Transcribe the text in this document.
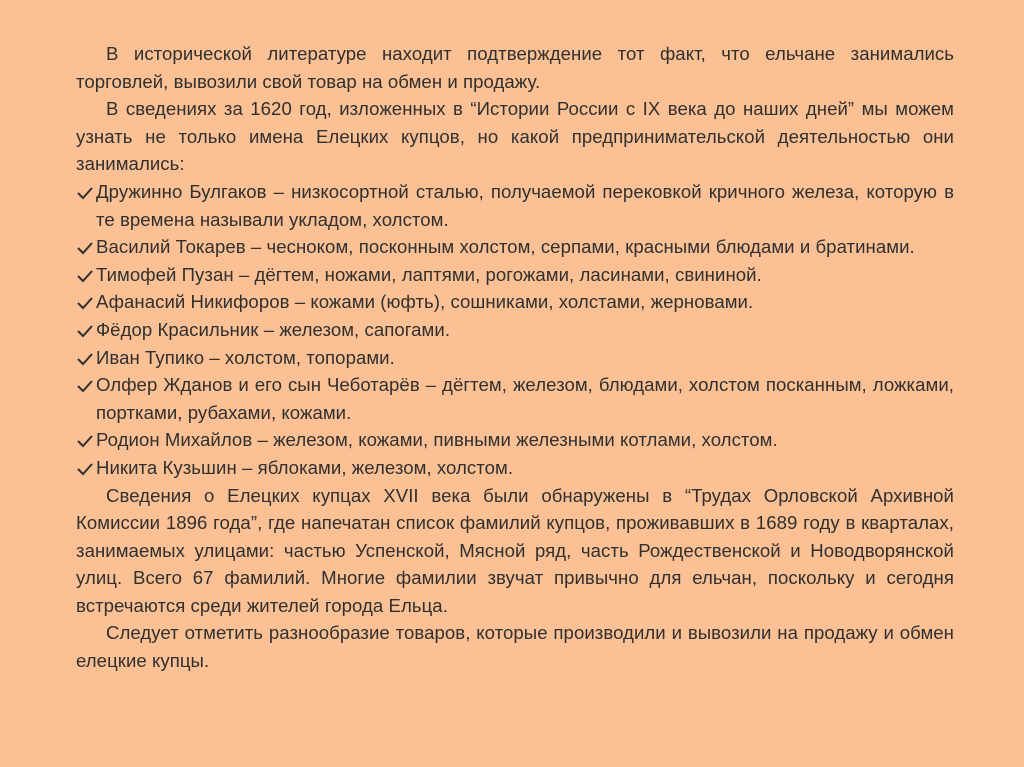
В исторической литературе находит подтверждение тот факт, что ельчане занимались торговлей, вывозили свой товар на обмен и продажу.

В сведениях за 1620 год, изложенных в “Истории России с IX века до наших дней” мы можем узнать не только имена Елецких купцов, но какой предпринимательской деятельностью они занимались:

Дружинно Булгаков – низкосортной сталью, получаемой перековкой кричного железа, которую в те времена называли укладом, холстом.
Василий Токарев – чесноком, посконным холстом, серпами, красными блюдами и братинами.
Тимофей Пузан – дёгтем, ножами, лаптями, рогожами, ласинами, свининой.
Афанасий Никифоров – кожами (юфть), сошниками, холстами, жерновами.
Фёдор Красильник – железом, сапогами.
Иван Тупико – холстом, топорами.
Олфер Жданов и его сын Чеботарёв – дёгтем, железом, блюдами, холстом посканным, ложками, портками, рубахами, кожами.
Родион Михайлов – железом, кожами, пивными железными котлами, холстом.
Никита Кузьшин – яблоками, железом, холстом.

Сведения о Елецких купцах XVII века были обнаружены в “Трудах Орловской Архивной Комиссии 1896 года”, где напечатан список фамилий купцов, проживавших в 1689 году в кварталах, занимаемых улицами: частью Успенской, Мясной ряд, часть Рождественской и Новодворянской улиц. Всего 67 фамилий. Многие фамилии звучат привычно для ельчан, поскольку и сегодня встречаются среди жителей города Ельца.

Следует отметить разнообразие товаров, которые производили и вывозили на продажу и обмен елецкие купцы.
